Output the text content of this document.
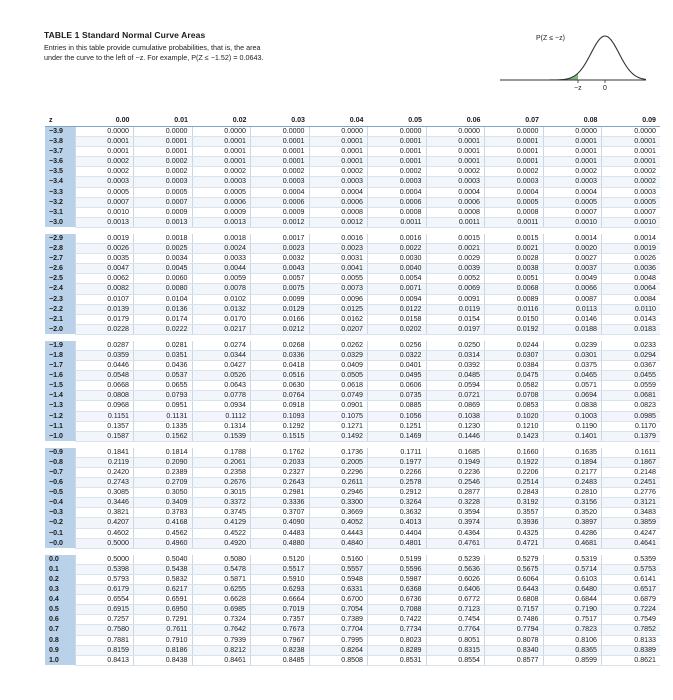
TABLE 1 Standard Normal Curve Areas
Entries in this table provide cumulative probabilities, that is, the area
under the curve to the left of −z. For example, P(Z ≤ −1.52) = 0.0643.
P(Z ≤ −z)
−z	0
z	0.00	0.01	0.02	0.03	0.04	0.05	0.06	0.07	0.08	0.09
−3.9	0.0000	0.0000	0.0000	0.0000	0.0000	0.0000	0.0000	0.0000	0.0000	0.0000
−3.8	0.0001	0.0001	0.0001	0.0001	0.0001	0.0001	0.0001	0.0001	0.0001	0.0001
−3.7	0.0001	0.0001	0.0001	0.0001	0.0001	0.0001	0.0001	0.0001	0.0001	0.0001
−3.6	0.0002	0.0002	0.0001	0.0001	0.0001	0.0001	0.0001	0.0001	0.0001	0.0001
−3.5	0.0002	0.0002	0.0002	0.0002	0.0002	0.0002	0.0002	0.0002	0.0002	0.0002
−3.4	0.0003	0.0003	0.0003	0.0003	0.0003	0.0003	0.0003	0.0003	0.0003	0.0002
−3.3	0.0005	0.0005	0.0005	0.0004	0.0004	0.0004	0.0004	0.0004	0.0004	0.0003
−3.2	0.0007	0.0007	0.0006	0.0006	0.0006	0.0006	0.0006	0.0005	0.0005	0.0005
−3.1	0.0010	0.0009	0.0009	0.0009	0.0008	0.0008	0.0008	0.0008	0.0007	0.0007
−3.0	0.0013	0.0013	0.0013	0.0012	0.0012	0.0011	0.0011	0.0011	0.0010	0.0010

−2.9	0.0019	0.0018	0.0018	0.0017	0.0016	0.0016	0.0015	0.0015	0.0014	0.0014
−2.8	0.0026	0.0025	0.0024	0.0023	0.0023	0.0022	0.0021	0.0021	0.0020	0.0019
−2.7	0.0035	0.0034	0.0033	0.0032	0.0031	0.0030	0.0029	0.0028	0.0027	0.0026
−2.6	0.0047	0.0045	0.0044	0.0043	0.0041	0.0040	0.0039	0.0038	0.0037	0.0036
−2.5	0.0062	0.0060	0.0059	0.0057	0.0055	0.0054	0.0052	0.0051	0.0049	0.0048
−2.4	0.0082	0.0080	0.0078	0.0075	0.0073	0.0071	0.0069	0.0068	0.0066	0.0064
−2.3	0.0107	0.0104	0.0102	0.0099	0.0096	0.0094	0.0091	0.0089	0.0087	0.0084
−2.2	0.0139	0.0136	0.0132	0.0129	0.0125	0.0122	0.0119	0.0116	0.0113	0.0110
−2.1	0.0179	0.0174	0.0170	0.0166	0.0162	0.0158	0.0154	0.0150	0.0146	0.0143
−2.0	0.0228	0.0222	0.0217	0.0212	0.0207	0.0202	0.0197	0.0192	0.0188	0.0183

−1.9	0.0287	0.0281	0.0274	0.0268	0.0262	0.0256	0.0250	0.0244	0.0239	0.0233
−1.8	0.0359	0.0351	0.0344	0.0336	0.0329	0.0322	0.0314	0.0307	0.0301	0.0294
−1.7	0.0446	0.0436	0.0427	0.0418	0.0409	0.0401	0.0392	0.0384	0.0375	0.0367
−1.6	0.0548	0.0537	0.0526	0.0516	0.0505	0.0495	0.0485	0.0475	0.0465	0.0455
−1.5	0.0668	0.0655	0.0643	0.0630	0.0618	0.0606	0.0594	0.0582	0.0571	0.0559
−1.4	0.0808	0.0793	0.0778	0.0764	0.0749	0.0735	0.0721	0.0708	0.0694	0.0681
−1.3	0.0968	0.0951	0.0934	0.0918	0.0901	0.0885	0.0869	0.0853	0.0838	0.0823
−1.2	0.1151	0.1131	0.1112	0.1093	0.1075	0.1056	0.1038	0.1020	0.1003	0.0985
−1.1	0.1357	0.1335	0.1314	0.1292	0.1271	0.1251	0.1230	0.1210	0.1190	0.1170
−1.0	0.1587	0.1562	0.1539	0.1515	0.1492	0.1469	0.1446	0.1423	0.1401	0.1379

−0.9	0.1841	0.1814	0.1788	0.1762	0.1736	0.1711	0.1685	0.1660	0.1635	0.1611
−0.8	0.2119	0.2090	0.2061	0.2033	0.2005	0.1977	0.1949	0.1922	0.1894	0.1867
−0.7	0.2420	0.2389	0.2358	0.2327	0.2296	0.2266	0.2236	0.2206	0.2177	0.2148
−0.6	0.2743	0.2709	0.2676	0.2643	0.2611	0.2578	0.2546	0.2514	0.2483	0.2451
−0.5	0.3085	0.3050	0.3015	0.2981	0.2946	0.2912	0.2877	0.2843	0.2810	0.2776
−0.4	0.3446	0.3409	0.3372	0.3336	0.3300	0.3264	0.3228	0.3192	0.3156	0.3121
−0.3	0.3821	0.3783	0.3745	0.3707	0.3669	0.3632	0.3594	0.3557	0.3520	0.3483
−0.2	0.4207	0.4168	0.4129	0.4090	0.4052	0.4013	0.3974	0.3936	0.3897	0.3859
−0.1	0.4602	0.4562	0.4522	0.4483	0.4443	0.4404	0.4364	0.4325	0.4286	0.4247
−0.0	0.5000	0.4960	0.4920	0.4880	0.4840	0.4801	0.4761	0.4721	0.4681	0.4641

0.0	0.5000	0.5040	0.5080	0.5120	0.5160	0.5199	0.5239	0.5279	0.5319	0.5359
0.1	0.5398	0.5438	0.5478	0.5517	0.5557	0.5596	0.5636	0.5675	0.5714	0.5753
0.2	0.5793	0.5832	0.5871	0.5910	0.5948	0.5987	0.6026	0.6064	0.6103	0.6141
0.3	0.6179	0.6217	0.6255	0.6293	0.6331	0.6368	0.6406	0.6443	0.6480	0.6517
0.4	0.6554	0.6591	0.6628	0.6664	0.6700	0.6736	0.6772	0.6808	0.6844	0.6879
0.5	0.6915	0.6950	0.6985	0.7019	0.7054	0.7088	0.7123	0.7157	0.7190	0.7224
0.6	0.7257	0.7291	0.7324	0.7357	0.7389	0.7422	0.7454	0.7486	0.7517	0.7549
0.7	0.7580	0.7611	0.7642	0.7673	0.7704	0.7734	0.7764	0.7794	0.7823	0.7852
0.8	0.7881	0.7910	0.7939	0.7967	0.7995	0.8023	0.8051	0.8078	0.8106	0.8133
0.9	0.8159	0.8186	0.8212	0.8238	0.8264	0.8289	0.8315	0.8340	0.8365	0.8389
1.0	0.8413	0.8438	0.8461	0.8485	0.8508	0.8531	0.8554	0.8577	0.8599	0.8621
